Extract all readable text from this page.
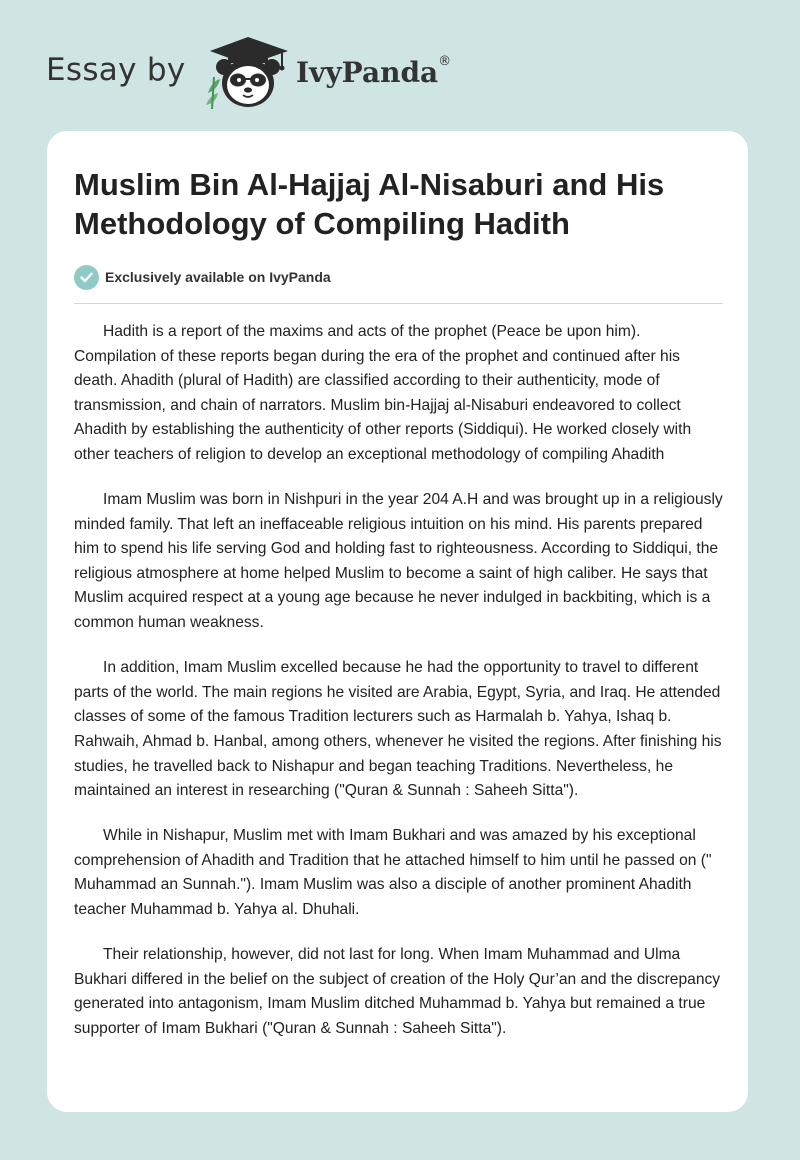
Essay by	IvyPanda®
Muslim Bin Al-Hajjaj Al-Nisaburi and His Methodology of Compiling Hadith
Exclusively available on IvyPanda

Hadith is a report of the maxims and acts of the prophet (Peace be upon him). Compilation of these reports began during the era of the prophet and continued after his death. Ahadith (plural of Hadith) are classified according to their authenticity, mode of transmission, and chain of narrators. Muslim bin-Hajjaj al-Nisaburi endeavored to collect Ahadith by establishing the authenticity of other reports (Siddiqui). He worked closely with other teachers of religion to develop an exceptional methodology of compiling Ahadith

Imam Muslim was born in Nishpuri in the year 204 A.H and was brought up in a religiously minded family. That left an ineffaceable religious intuition on his mind. His parents prepared him to spend his life serving God and holding fast to righteousness. According to Siddiqui, the religious atmosphere at home helped Muslim to become a saint of high caliber. He says that Muslim acquired respect at a young age because he never indulged in backbiting, which is a common human weakness.

In addition, Imam Muslim excelled because he had the opportunity to travel to different parts of the world. The main regions he visited are Arabia, Egypt, Syria, and Iraq. He attended classes of some of the famous Tradition lecturers such as Harmalah b. Yahya, Ishaq b. Rahwaih, Ahmad b. Hanbal, among others, whenever he visited the regions. After finishing his studies, he travelled back to Nishapur and began teaching Traditions. Nevertheless, he maintained an interest in researching ("Quran & Sunnah : Saheeh Sitta").

While in Nishapur, Muslim met with Imam Bukhari and was amazed by his exceptional comprehension of Ahadith and Tradition that he attached himself to him until he passed on (" Muhammad an Sunnah."). Imam Muslim was also a disciple of another prominent Ahadith teacher Muhammad b. Yahya al. Dhuhali.

Their relationship, however, did not last for long. When Imam Muhammad and Ulma Bukhari differed in the belief on the subject of creation of the Holy Qur’an and the discrepancy generated into antagonism, Imam Muslim ditched Muhammad b. Yahya but remained a true supporter of Imam Bukhari ("Quran & Sunnah : Saheeh Sitta").
